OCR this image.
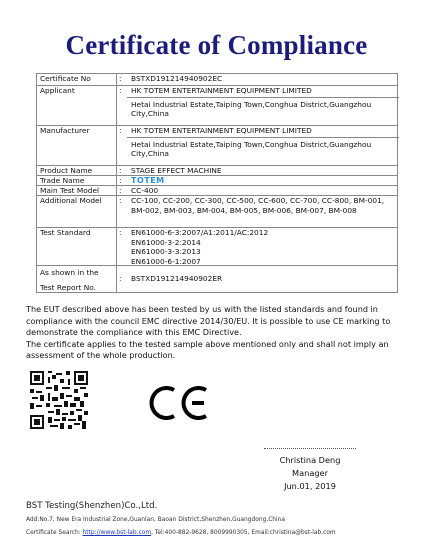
Certificate of Compliance
Certificate No	: BSTXD191214940902EC
Applicant	: HK TOTEM ENTERTAINMENT EQUIPMENT LIMITED
Hetai Industrial Estate,Taiping Town,Conghua District,Guangzhou City,China
Manufacturer	: HK TOTEM ENTERTAINMENT EQUIPMENT LIMITED
Hetai Industrial Estate,Taiping Town,Conghua District,Guangzhou City,China
Product Name	: STAGE EFFECT MACHINE
Trade Name	: TOTEM
Main Test Model	: CC-400
Additional Model : CC-100, CC-200, CC-300, CC-500, CC-600, CC-700, CC-800, BM-001, BM-002, BM-003, BM-004, BM-005, BM-006, BM-007, BM-008
Test Standard	: EN61000-6-3:2007/A1:2011/AC:2012
EN61000-3-2:2014
EN61000-3-3:2013
EN61000-6-1:2007
As shown in the
Test Report No.
: BSTXD191214940902ER

The EUT described above has been tested by us with the listed standards and found in compliance with the council EMC directive 2014/30/EU. It is possible to use CE marking to demonstrate the compliance with this EMC Directive.

The certificate applies to the tested sample above mentioned only and shall not imply an assessment of the whole production.

Christina Deng
Manager
Jun.01, 2019
BST Testing(Shenzhen)Co.,Ltd.
Add:No.7, New Era Industrial Zone,Guanlan, Baoan District,Shenzhen,Guangdong,China
Certificate Search: http://www.bst-lab.com, Tel:400-882-9628, 8009990305, Email:christina@bst-lab.com
